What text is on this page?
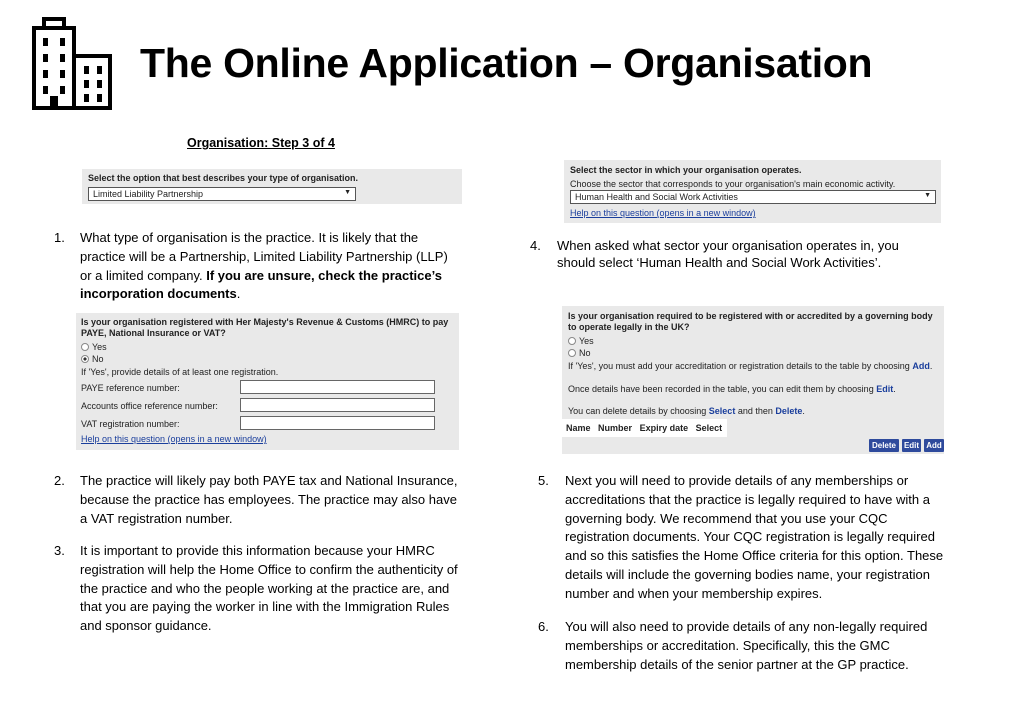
The Online Application – Organisation
Organisation: Step 3 of 4
Select the option that best describes your type of organisation.
Limited Liability Partnership	▼
Select the sector in which your organisation operates.
Choose the sector that corresponds to your organisation's main economic activity.
Human Health and Social Work Activities	▼
Help on this question (opens in a new window)
Is your organisation registered with Her Majesty's Revenue & Customs (HMRC) to pay
PAYE, National Insurance or VAT?
Yes
No
If 'Yes', provide details of at least one registration.
PAYE reference number:
Accounts office reference number:
VAT registration number:
Help on this question (opens in a new window)
Is your organisation required to be registered with or accredited by a governing body
to operate legally in the UK?
Yes
No
If 'Yes', you must add your accreditation or registration details to the table by choosing Add.
Once details have been recorded in the table, you can edit them by choosing Edit.
You can delete details by choosing Select and then Delete.
Name Number Expiry date Select
Delete Edit Add
1. What type of organisation is the practice. It is likely that the
practice will be a Partnership, Limited Liability Partnership (LLP)
or a limited company. If you are unsure, check the practice’s
incorporation documents.
2. The practice will likely pay both PAYE tax and National Insurance,
because the practice has employees. The practice may also have
a VAT registration number.
3. It is important to provide this information because your HMRC
registration will help the Home Office to confirm the authenticity of
the practice and who the people working at the practice are, and
that you are paying the worker in line with the Immigration Rules
and sponsor guidance.
4. When asked what sector your organisation operates in, you
should select ‘Human Health and Social Work Activities’.
5. Next you will need to provide details of any memberships or
accreditations that the practice is legally required to have with a
governing body. We recommend that you use your CQC
registration documents. Your CQC registration is legally required
and so this satisfies the Home Office criteria for this option. These
details will include the governing bodies name, your registration
number and when your membership expires.
6. You will also need to provide details of any non-legally required
memberships or accreditation. Specifically, this the GMC
membership details of the senior partner at the GP practice.
